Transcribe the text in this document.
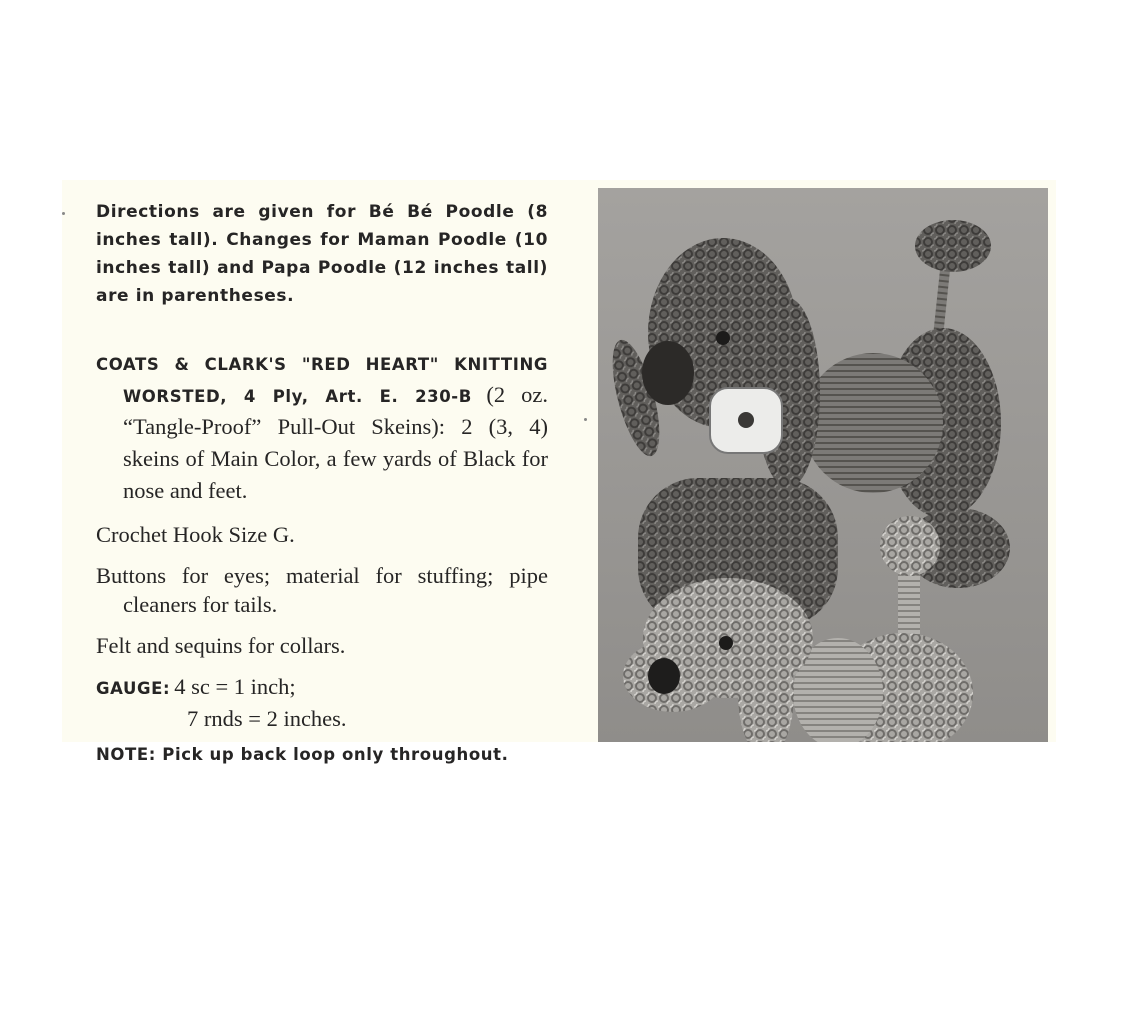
Directions are given for Bé Bé Poodle (8 inches tall). Changes for Maman Poodle (10 inches tall) and Papa Poodle (12 inches tall) are in parentheses.

COATS & CLARK'S "RED HEART" KNITTING WORSTED, 4 Ply, Art. E. 230-B (2 oz. “Tangle-Proof” Pull-Out Skeins): 2 (3, 4) skeins of Main Color, a few yards of Black for nose and feet.
Crochet Hook Size G.
Buttons for eyes; material for stuffing; pipe cleaners for tails.
Felt and sequins for collars.
GAUGE: 4 sc = 1 inch;
7 rnds = 2 inches.
NOTE: Pick up back loop only throughout.
